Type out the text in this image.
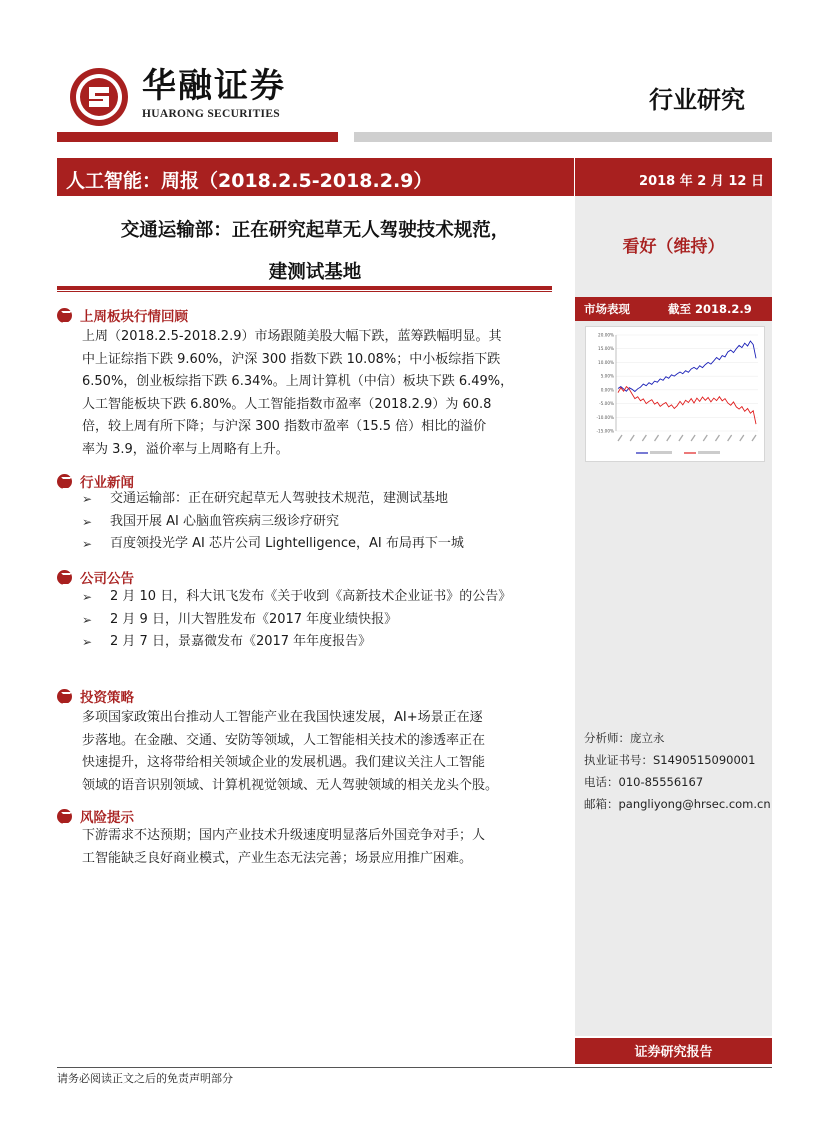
华融证券
HUARONG SECURITIES	行业研究
人工智能：周报（2018.2.5-2018.2.9）	2018 年 2 月 12 日
看好（维持）
市场表现	截至 2018.2.9
20.00%
15.00%
10.00%
5.00%
0.00%
-5.00%
-10.00%
-15.00%
分析师：庞立永
执业证书号：S1490515090001
电话：010-85556167
邮箱：pangliyong@hrsec.com.cn
证券研究报告
请务必阅读正文之后的免责声明部分
交通运输部：正在研究起草无人驾驶技术规范，
建测试基地
上周板块行情回顾
上周（2018.2.5-2018.2.9）市场跟随美股大幅下跌，蓝筹跌幅明显。其
中上证综指下跌 9.60%，沪深 300 指数下跌 10.08%；中小板综指下跌
6.50%，创业板综指下跌 6.34%。上周计算机（中信）板块下跌 6.49%，
人工智能板块下跌 6.80%。人工智能指数市盈率（2018.2.9）为 60.8
倍，较上周有所下降；与沪深 300 指数市盈率（15.5 倍）相比的溢价
率为 3.9，溢价率与上周略有上升。
行业新闻
➢	交通运输部：正在研究起草无人驾驶技术规范，建测试基地
➢	我国开展 AI 心脑血管疾病三级诊疗研究
➢	百度领投光学 AI 芯片公司 Lightelligence，AI 布局再下一城
公司公告
➢	2 月 10 日，科大讯飞发布《关于收到《高新技术企业证书》的公告》
➢	2 月 9 日，川大智胜发布《2017 年度业绩快报》
➢	2 月 7 日，景嘉微发布《2017 年年度报告》
投资策略
多项国家政策出台推动人工智能产业在我国快速发展，AI+场景正在逐
步落地。在金融、交通、安防等领域，人工智能相关技术的渗透率正在
快速提升，这将带给相关领域企业的发展机遇。我们建议关注人工智能
领域的语音识别领域、计算机视觉领域、无人驾驶领域的相关龙头个股。
风险提示
下游需求不达预期；国内产业技术升级速度明显落后外国竞争对手；人
工智能缺乏良好商业模式，产业生态无法完善；场景应用推广困难。
